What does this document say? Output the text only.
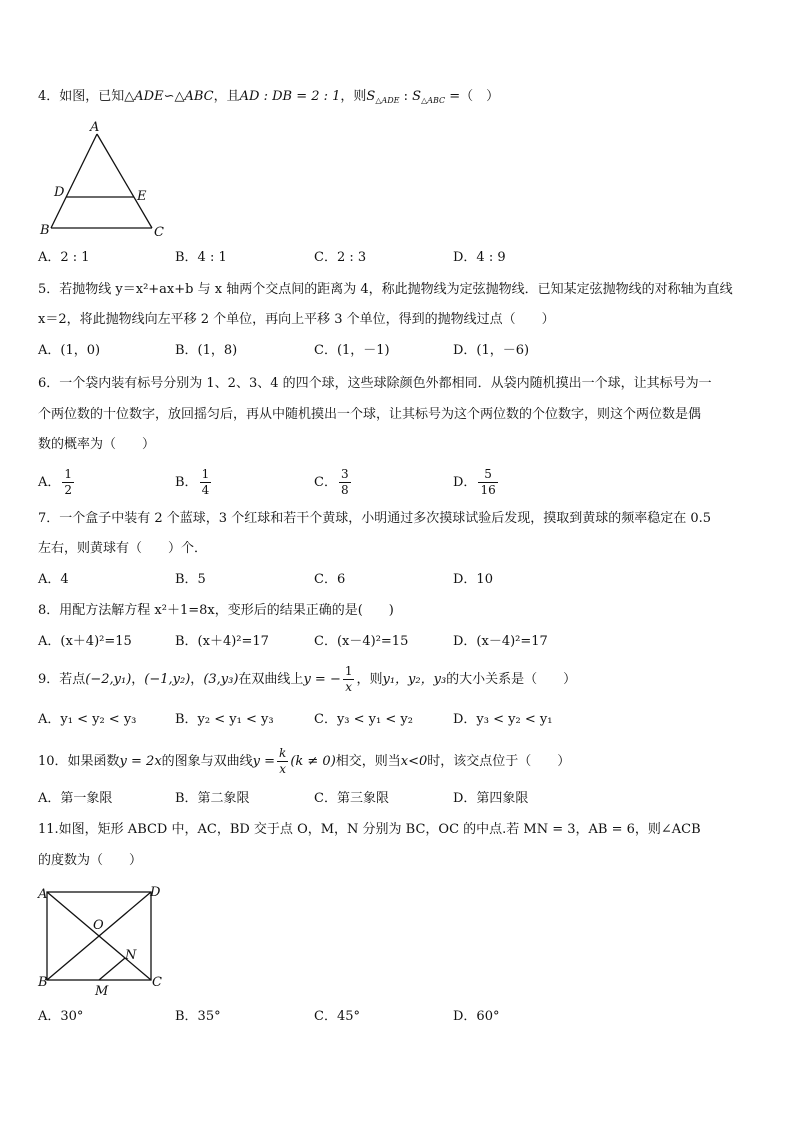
4．如图，已知△ADE∽△ABC，且AD : DB = 2 : 1，则$S_{\triangle ADE}$ : $S_{\triangle ABC}$ =（　）
A
D	E
B	C
A．2 : 1	B．4 : 1	C．2 : 3	D．4 : 9
5．若抛物线 y＝x²+ax+b 与 x 轴两个交点间的距离为 4，称此抛物线为定弦抛物线．已知某定弦抛物线的对称轴为直线
x＝2，将此抛物线向左平移 2 个单位，再向上平移 3 个单位，得到的抛物线过点（　　）
A．(1，0)	B．(1，8)	C．(1，－1)	D．(1，－6)
6．一个袋内装有标号分别为 1、2、3、4 的四个球，这些球除颜色外都相同．从袋内随机摸出一个球，让其标号为一
个两位数的十位数字，放回摇匀后，再从中随机摸出一个球，让其标号为这个两位数的个位数字，则这个两位数是偶
数的概率为（　　）
A． $\frac{1}{2}$	B． $\frac{1}{4}$	C． $\frac{3}{8}$	D． $\frac{5}{16}$
7．一个盒子中装有 2 个蓝球，3 个红球和若干个黄球，小明通过多次摸球试验后发现，摸取到黄球的频率稳定在 0.5
左右，则黄球有（　　）个．
A．4	B．5	C．6	D．10
8．用配方法解方程 x²＋1=8x，变形后的结果正确的是(　　)
A．(x＋4)²=15	B．(x＋4)²=17	C．(x－4)²=15	D．(x－4)²=17
9．若点(−2,y₁)，(−1,y₂)，(3,y₃)在双曲线上y = − $\frac{1}{x}$ ，则y₁，y₂，y₃的大小关系是（　　）
A．y₁ < y₂ < y₃	B．y₂ < y₁ < y₃	C．y₃ < y₁ < y₂	D．y₃ < y₂ < y₁
10．如果函数y = 2x的图象与双曲线$y = \frac{k}{x} (k \ne 0)$相交，则当x<0时，该交点位于（　　）
A．第一象限	B．第二象限	C．第三象限	D．第四象限
11.如图，矩形 ABCD 中，AC，BD 交于点 O，M，N 分别为 BC，OC 的中点.若 MN = 3，AB = 6，则∠ACB
的度数为（　　）
A	D
O
N
B
M
C
A．30°	B．35°	C．45°	D．60°
